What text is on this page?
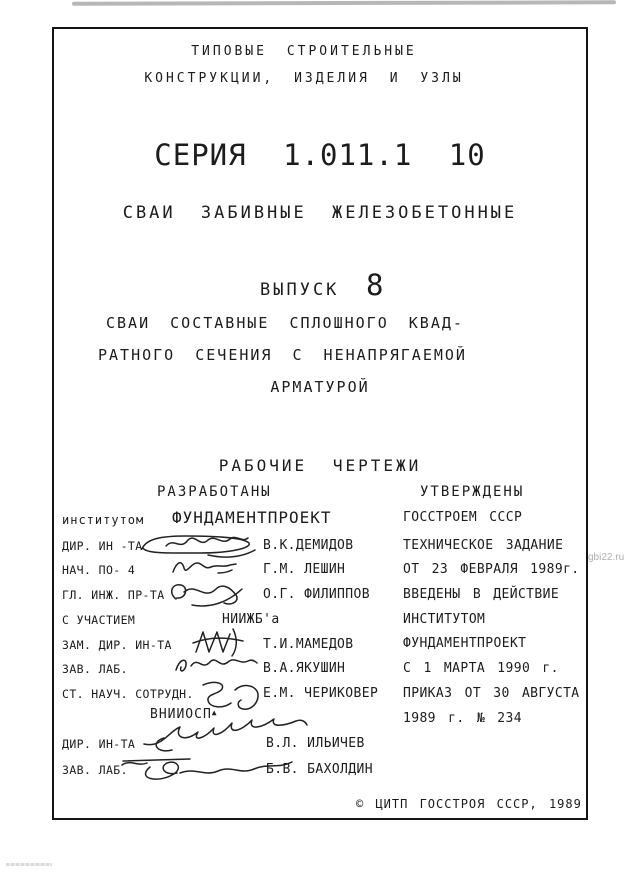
ТИПОВЫЕ СТРОИТЕЛЬНЫЕ
КОНСТРУКЦИИ, ИЗДЕЛИЯ И УЗЛЫ
СЕРИЯ 1.011.1 10
СВАИ ЗАБИВНЫЕ ЖЕЛЕЗОБЕТОННЫЕ
ВЫПУСК 8
СВАИ СОСТАВНЫЕ СПЛОШНОГО КВАД-
РАТНОГО СЕЧЕНИЯ С НЕНАПРЯГАЕМОЙ
АРМАТУРОЙ
РАБОЧИЕ ЧЕРТЕЖИ
РАЗРАБОТАНЫ	УТВЕРЖДЕНЫ
институтом ФУНДАМЕНТПРОЕКТ
ДИР. ИН -ТА
НАЧ. ПО- 4
ГЛ. ИНЖ. ПР-ТА
С УЧАСТИЕМ
ЗАМ. ДИР. ИН-ТА
ЗАВ. ЛАБ.
СТ. НАУЧ. СОТРУДН.
В.К.ДЕМИДОВ
Г.М. ЛЕШИН
О.Г. ФИЛИППОВ
НИИЖБ'а
Т.И.МАМЕДОВ
В.А.ЯКУШИН
Е.М. ЧЕРИКОВЕР
ВНИИОСП▲
ДИР. ИН-ТА
ЗАВ. ЛАБ.
В.Л. ИЛЬИЧЕВ
Б.В. БАХОЛДИН
ГОССТРОЕМ СССР
ТЕХНИЧЕСКОЕ ЗАДАНИЕ
ОТ 23 ФЕВРАЛЯ 1989г.
ВВЕДЕНЫ В ДЕЙСТВИЕ
ИНСТИТУТОМ
ФУНДАМЕНТПРОЕКТ
С 1 МАРТА 1990 г.
ПРИКАЗ ОТ 30 АВГУСТА
1989 г. № 234
© ЦИТП ГОССТРОЯ СССР, 1989
gbi22.ru
